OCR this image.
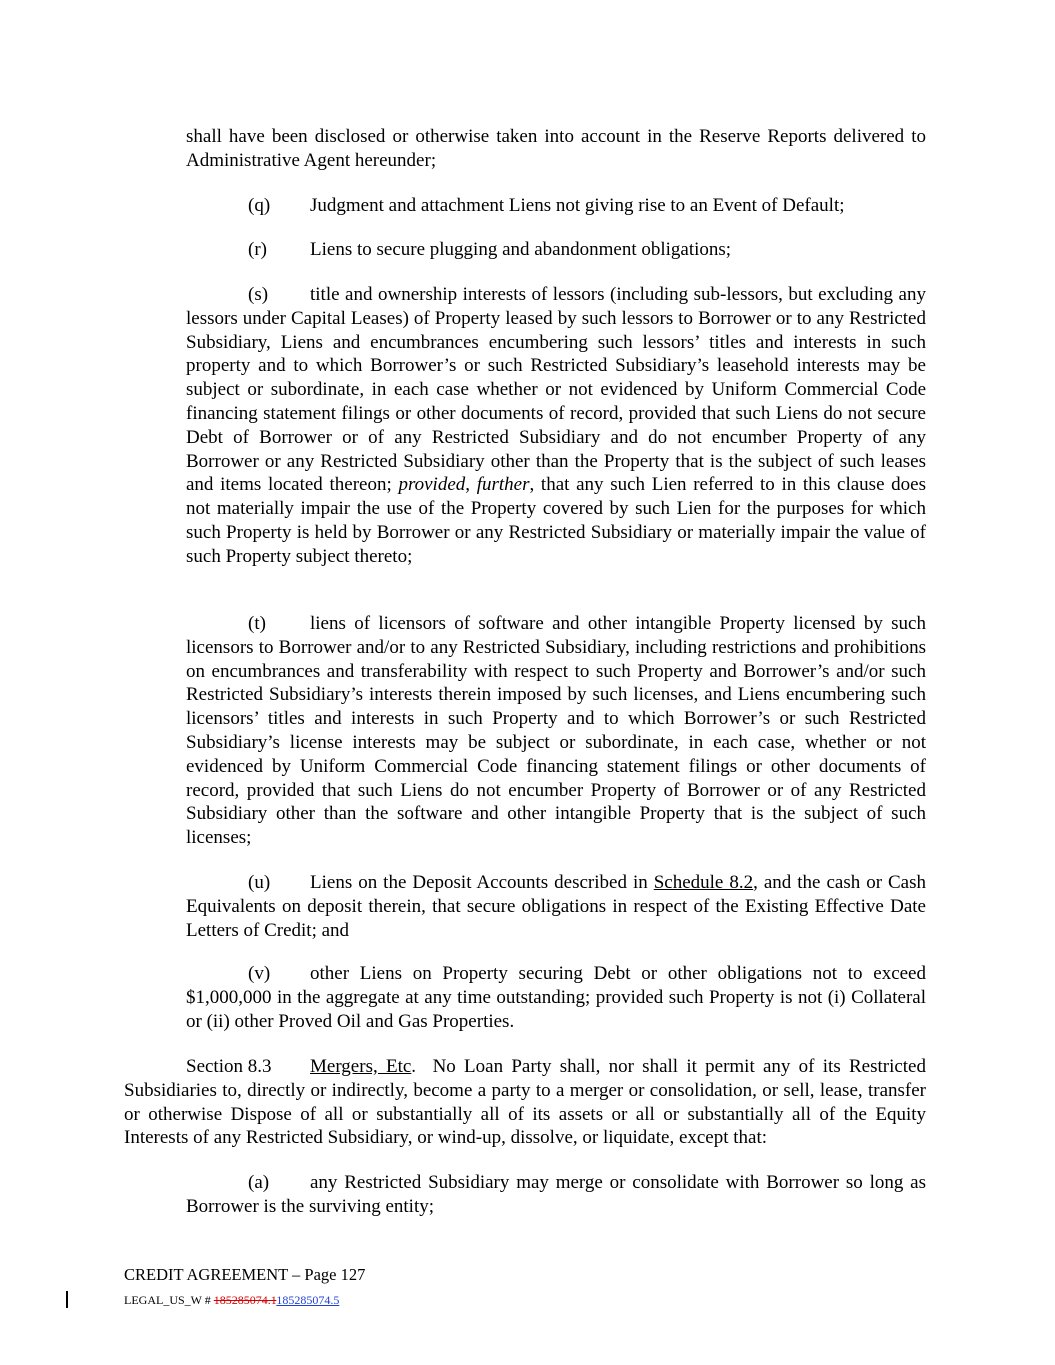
shall have been disclosed or otherwise taken into account in the Reserve Reports delivered to Administrative Agent hereunder;

(q) Judgment and attachment Liens not giving rise to an Event of Default;

(r) Liens to secure plugging and abandonment obligations;

(s) title and ownership interests of lessors (including sub-lessors, but excluding any lessors under Capital Leases) of Property leased by such lessors to Borrower or to any Restricted Subsidiary, Liens and encumbrances encumbering such lessors’ titles and interests in such property and to which Borrower’s or such Restricted Subsidiary’s leasehold interests may be subject or subordinate, in each case whether or not evidenced by Uniform Commercial Code financing statement filings or other documents of record, provided that such Liens do not secure Debt of Borrower or of any Restricted Subsidiary and do not encumber Property of any Borrower or any Restricted Subsidiary other than the Property that is the subject of such leases and items located thereon; provided, further, that any such Lien referred to in this clause does not materially impair the use of the Property covered by such Lien for the purposes for which such Property is held by Borrower or any Restricted Subsidiary or materially impair the value of such Property subject thereto;

(t) liens of licensors of software and other intangible Property licensed by such licensors to Borrower and/or to any Restricted Subsidiary, including restrictions and prohibitions on encumbrances and transferability with respect to such Property and Borrower’s and/or such Restricted Subsidiary’s interests therein imposed by such licenses, and Liens encumbering such licensors’ titles and interests in such Property and to which Borrower’s or such Restricted Subsidiary’s license interests may be subject or subordinate, in each case, whether or not evidenced by Uniform Commercial Code financing statement filings or other documents of record, provided that such Liens do not encumber Property of Borrower or of any Restricted Subsidiary other than the software and other intangible Property that is the subject of such licenses;

(u) Liens on the Deposit Accounts described in Schedule 8.2, and the cash or Cash Equivalents on deposit therein, that secure obligations in respect of the Existing Effective Date Letters of Credit; and

(v) other Liens on Property securing Debt or other obligations not to exceed $1,000,000 in the aggregate at any time outstanding; provided such Property is not (i) Collateral or (ii) other Proved Oil and Gas Properties.

Section 8.3 Mergers, Etc. No Loan Party shall, nor shall it permit any of its Restricted Subsidiaries to, directly or indirectly, become a party to a merger or consolidation, or sell, lease, transfer or otherwise Dispose of all or substantially all of its assets or all or substantially all of the Equity Interests of any Restricted Subsidiary, or wind-up, dissolve, or liquidate, except that:

(a) any Restricted Subsidiary may merge or consolidate with Borrower so long as Borrower is the surviving entity;

CREDIT AGREEMENT – Page 127
LEGAL_US_W # 185285074.1185285074.5
